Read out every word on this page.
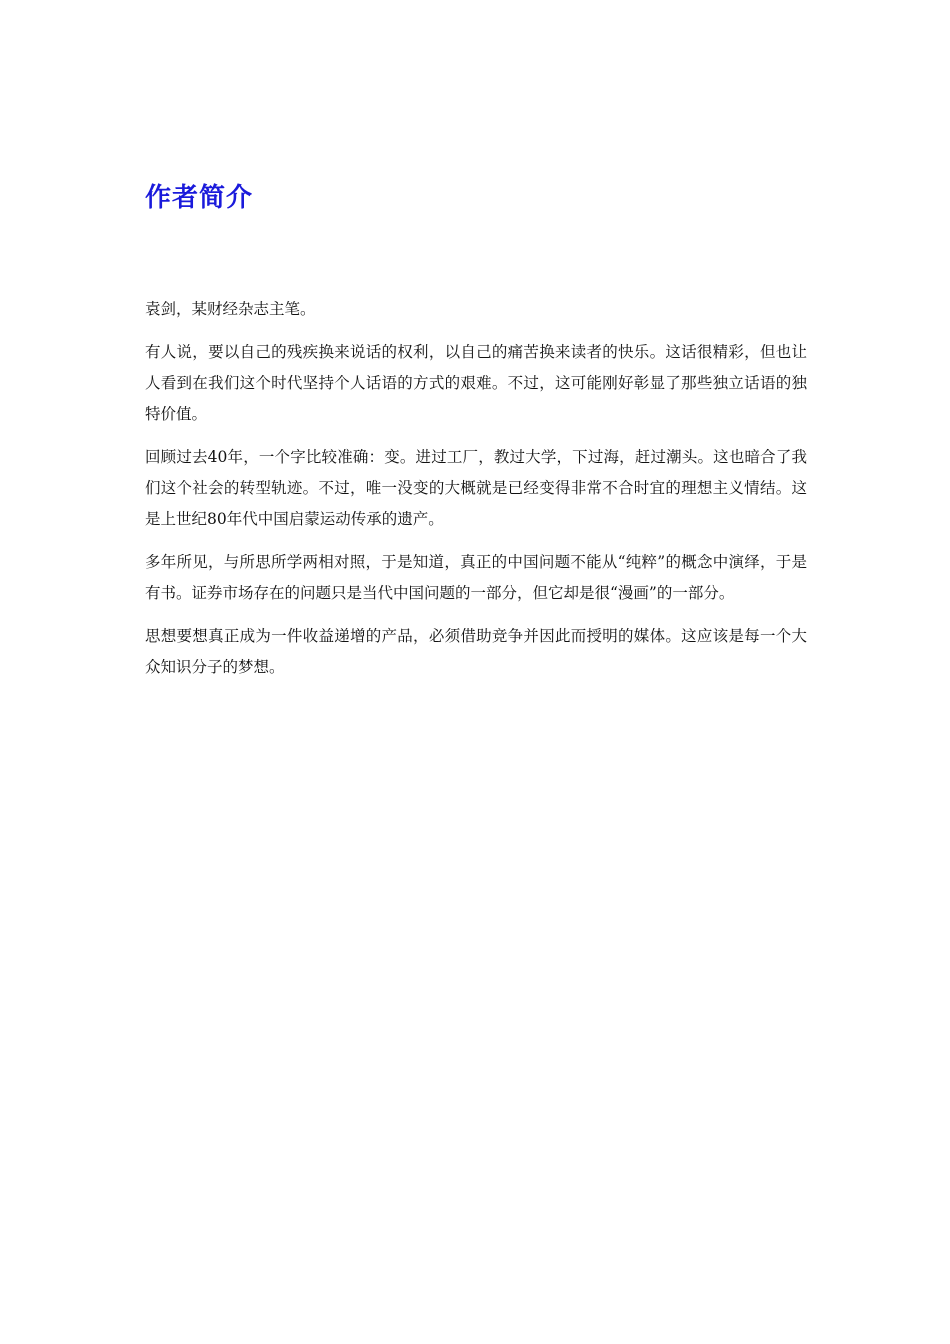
作者简介

袁剑，某财经杂志主笔。

有人说，要以自己的残疾换来说话的权利，以自己的痛苦换来读者的快乐。这话很精彩，但也让人看到在我们这个时代坚持个人话语的方式的艰难。不过，这可能刚好彰显了那些独立话语的独特价值。

回顾过去40年，一个字比较准确：变。进过工厂，教过大学，下过海，赶过潮头。这也暗合了我们这个社会的转型轨迹。不过，唯一没变的大概就是已经变得非常不合时宜的理想主义情结。这是上世纪80年代中国启蒙运动传承的遗产。

多年所见，与所思所学两相对照，于是知道，真正的中国问题不能从“纯粹”的概念中演绎，于是有书。证券市场存在的问题只是当代中国问题的一部分，但它却是很“漫画”的一部分。

思想要想真正成为一件收益递增的产品，必须借助竞争并因此而授明的媒体。这应该是每一个大众知识分子的梦想。
